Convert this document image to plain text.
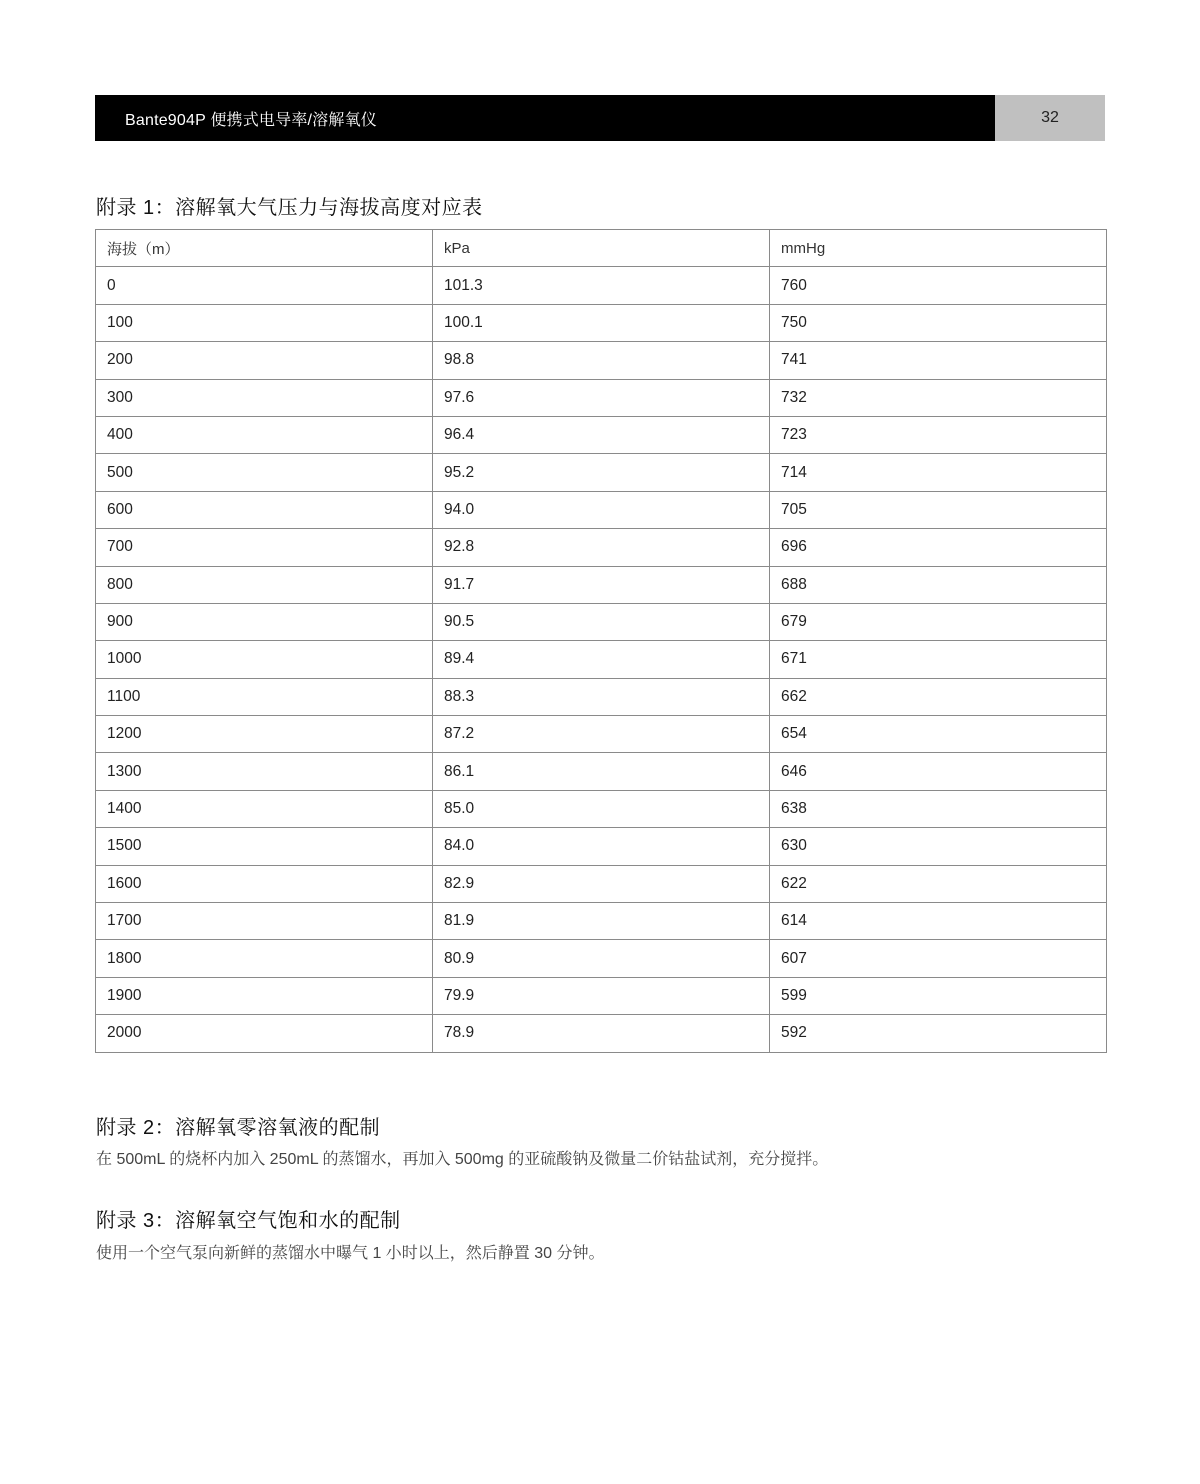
Bante904P 便携式电导率/溶解氧仪	32
附录 1：溶解氧大气压力与海拔高度对应表
海拔（m）	kPa	mmHg
0	101.3	760
100	100.1	750
200	98.8	741
300	97.6	732
400	96.4	723
500	95.2	714
600	94.0	705
700	92.8	696
800	91.7	688
900	90.5	679
1000	89.4	671
1100	88.3	662
1200	87.2	654
1300	86.1	646
1400	85.0	638
1500	84.0	630
1600	82.9	622
1700	81.9	614
1800	80.9	607
1900	79.9	599
2000	78.9	592
附录 2：溶解氧零溶氧液的配制
在 500mL 的烧杯内加入 250mL 的蒸馏水，再加入 500mg 的亚硫酸钠及微量二价钴盐试剂，充分搅拌。
附录 3：溶解氧空气饱和水的配制
使用一个空气泵向新鲜的蒸馏水中曝气 1 小时以上，然后静置 30 分钟。
